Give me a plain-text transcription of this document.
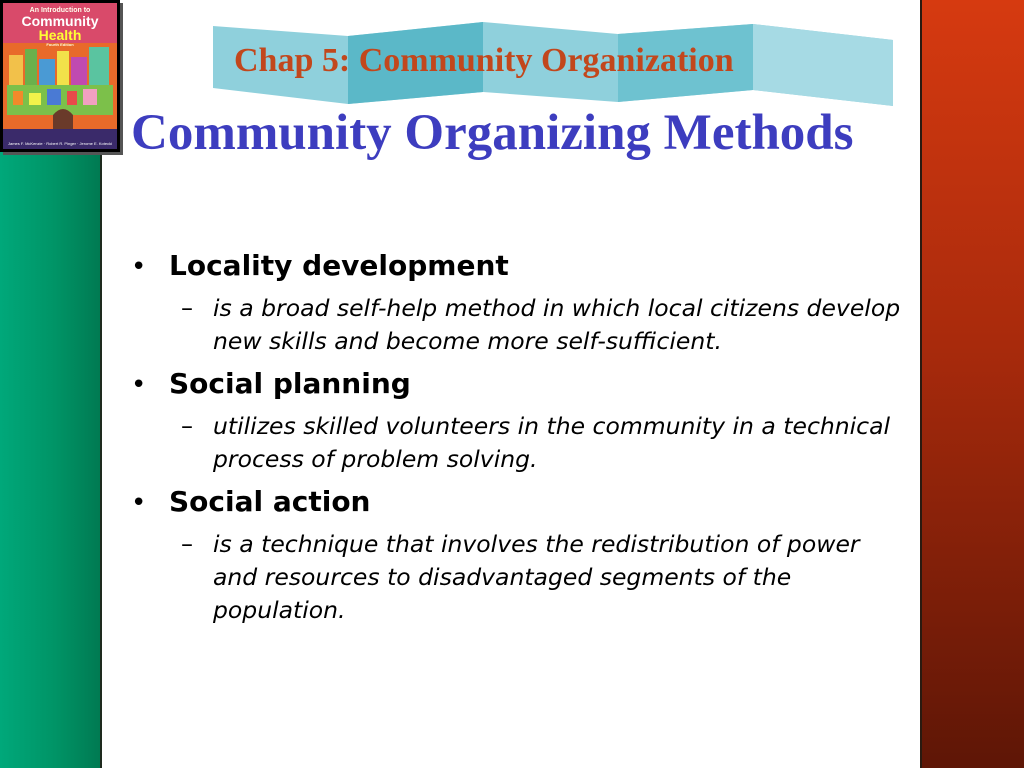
An Introduction to
Community
Health
Fourth Edition
James F. McKenzie · Robert R. Pinger · Jerome E. Kotecki
Chap 5: Community Organization
Community Organizing Methods
• Locality development
– is a broad self-help method in which local citizens develop new skills and become more self-sufficient.
• Social planning
– utilizes skilled volunteers in the community in a technical process of problem solving.
• Social action
– is a technique that involves the redistribution of power and resources to disadvantaged segments of the population.
